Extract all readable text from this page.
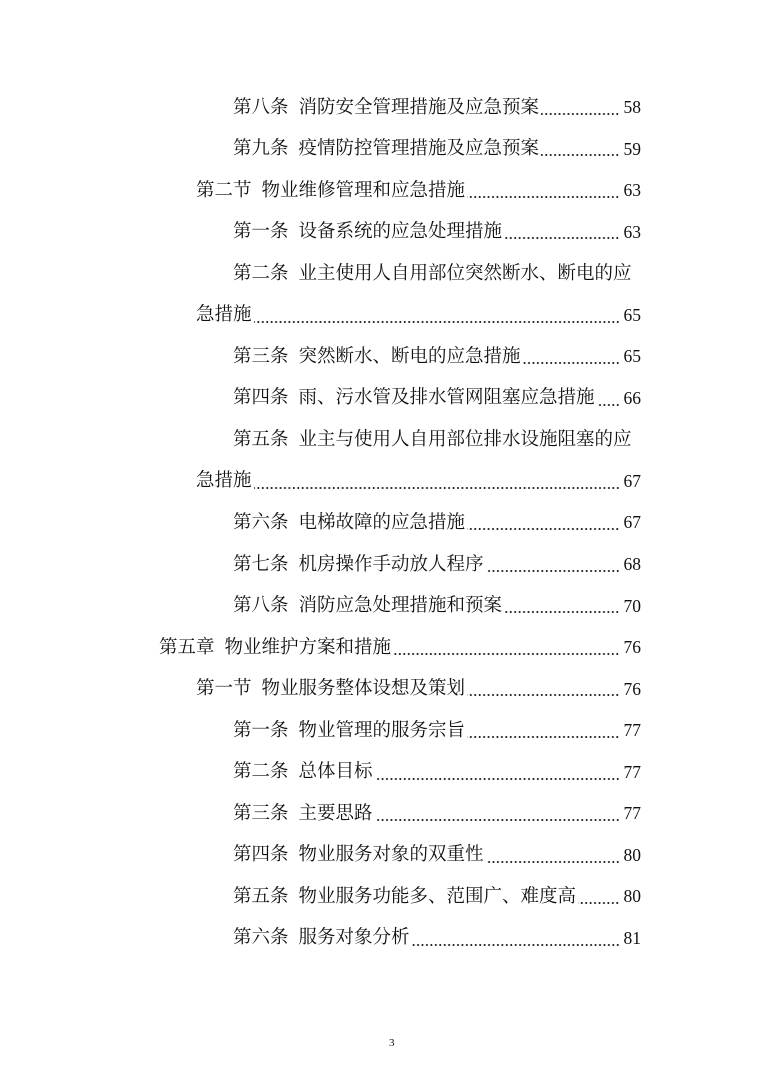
第八条 消防安全管理措施及应急预案	58
第九条 疫情防控管理措施及应急预案	59
第二节 物业维修管理和应急措施	63
第一条 设备系统的应急处理措施	63
第二条 业主使用人自用部位突然断水、断电的应
急措施	65
第三条 突然断水、断电的应急措施	65
第四条 雨、污水管及排水管网阻塞应急措施 66
第五条 业主与使用人自用部位排水设施阻塞的应
急措施	67
第六条 电梯故障的应急措施	67
第七条 机房操作手动放人程序	68
第八条 消防应急处理措施和预案	70
第五章 物业维护方案和措施	76
第一节 物业服务整体设想及策划	76
第一条 物业管理的服务宗旨	77
第二条 总体目标	77
第三条 主要思路	77
第四条 物业服务对象的双重性	80
第五条 物业服务功能多、范围广、难度高	80
第六条 服务对象分析	81
3
